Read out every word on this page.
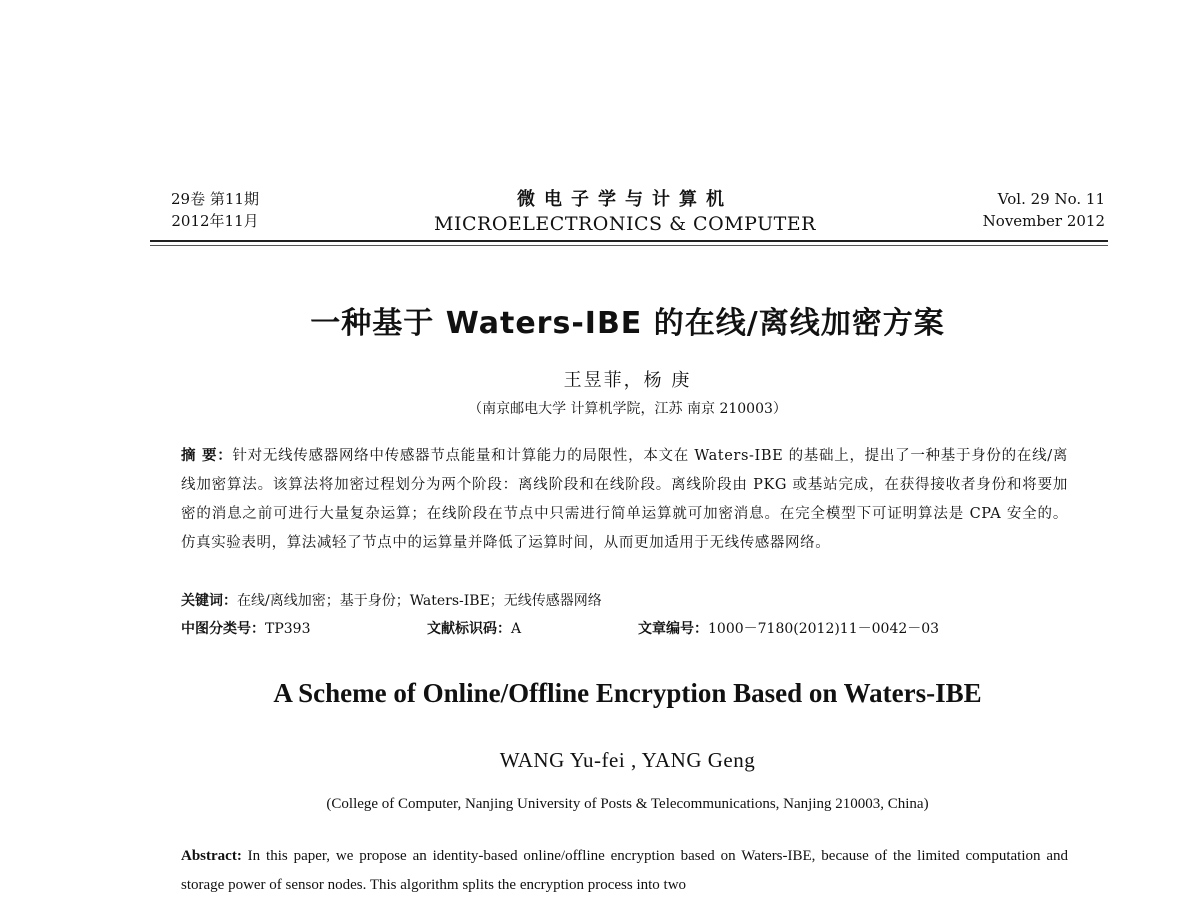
29卷 第11期
2012年11月
微电子学与计算机
MICROELECTRONICS & COMPUTER
Vol. 29 No. 11
November 2012
一种基于 Waters-IBE 的在线/离线加密方案
王昱菲，杨 庚
（南京邮电大学 计算机学院，江苏 南京 210003）
摘 要：针对无线传感器网络中传感器节点能量和计算能力的局限性，本文在 Waters-IBE 的基础上，提出了一种基于身份的在线/离线加密算法。该算法将加密过程划分为两个阶段：离线阶段和在线阶段。离线阶段由 PKG 或基站完成，在获得接收者身份和将要加密的消息之前可进行大量复杂运算；在线阶段在节点中只需进行简单运算就可加密消息。在完全模型下可证明算法是 CPA 安全的。仿真实验表明，算法减轻了节点中的运算量并降低了运算时间，从而更加适用于无线传感器网络。
关键词：在线/离线加密；基于身份；Waters-IBE；无线传感器网络
中图分类号：TP393	文献标识码：A	文章编号：1000－7180(2012)11－0042－03
A Scheme of Online/Offline Encryption Based on Waters-IBE
WANG Yu-fei , YANG Geng
(College of Computer, Nanjing University of Posts & Telecommunications, Nanjing 210003, China)
Abstract: In this paper, we propose an identity-based online/offline encryption based on Waters-IBE, because of the limited computation and storage power of sensor nodes. This algorithm splits the encryption process into two
